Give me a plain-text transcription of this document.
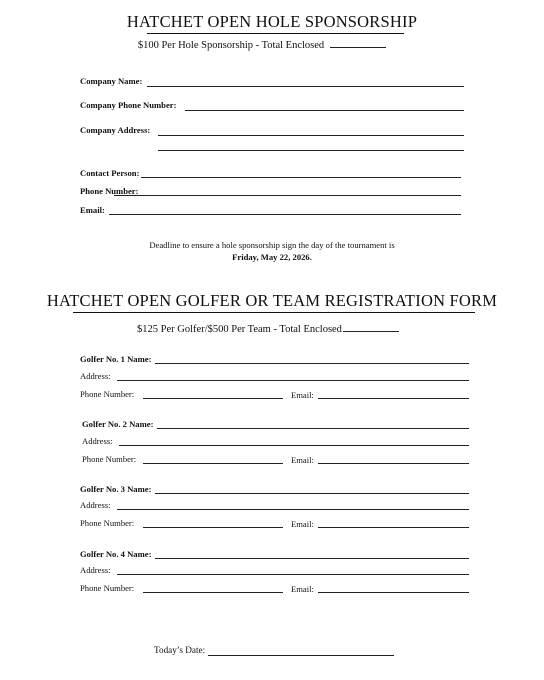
HATCHET OPEN HOLE SPONSORSHIP
$100 Per Hole Sponsorship - Total Enclosed
Company Name:
Company Phone Number:
Company Address:
Contact Person:
Phone Number:
Email:
Deadline to ensure a hole sponsorship sign the day of the tournament is
Friday, May 22, 2026.
HATCHET OPEN GOLFER OR TEAM REGISTRATION FORM
$125 Per Golfer/$500 Per Team - Total Enclosed
Golfer No. 1 Name:
Address:
Phone Number:	Email:
Golfer No. 2 Name:
Address:
Phone Number:	Email:
Golfer No. 3 Name:
Address:
Phone Number:	Email:
Golfer No. 4 Name:
Address:
Phone Number:	Email:
Today’s Date:
